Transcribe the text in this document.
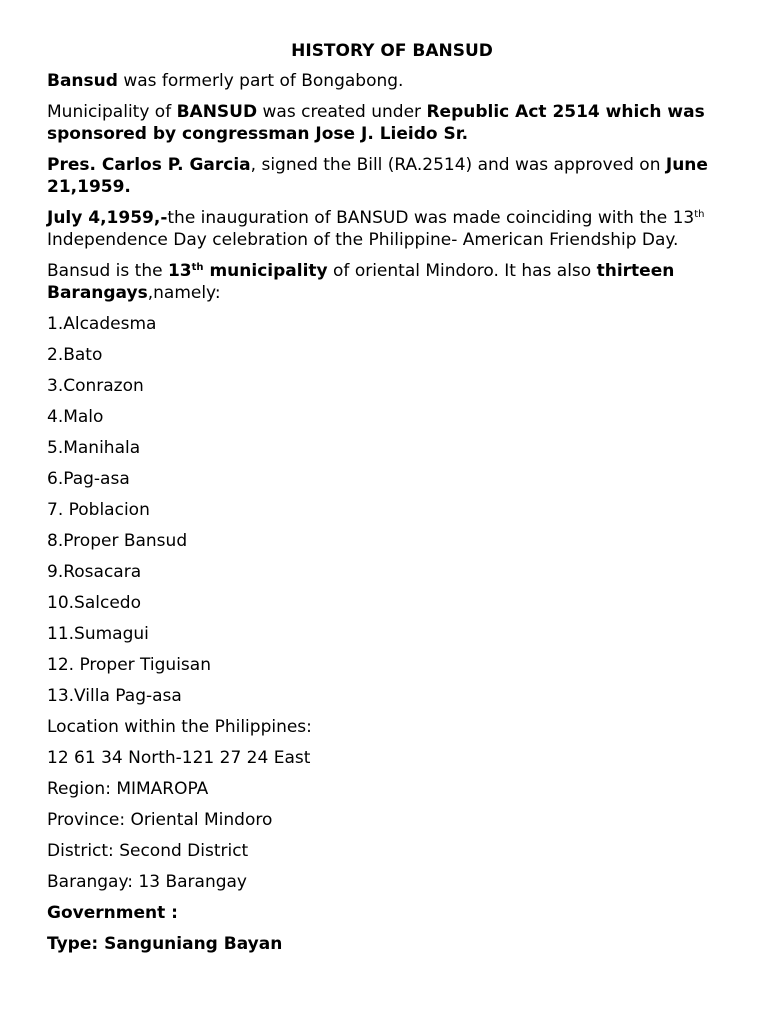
HISTORY OF BANSUD

Bansud was formerly part of Bongabong.

Municipality of BANSUD was created under Republic Act 2514 which was sponsored by congressman Jose J. Lieido Sr.

Pres. Carlos P. Garcia, signed the Bill (RA.2514) and was approved on June 21,1959.

July 4,1959,-the inauguration of BANSUD was made coinciding with the 13th Independence Day celebration of the Philippine- American Friendship Day.

Bansud is the 13th municipality of oriental Mindoro. It has also thirteen Barangays,namely:

1.Alcadesma
2.Bato
3.Conrazon
4.Malo
5.Manihala
6.Pag-asa
7. Poblacion
8.Proper Bansud
9.Rosacara
10.Salcedo
11.Sumagui
12. Proper Tiguisan
13.Villa Pag-asa
Location within the Philippines:
12 61 34 North-121 27 24 East
Region: MIMAROPA
Province: Oriental Mindoro
District: Second District
Barangay: 13 Barangay
Government :
Type: Sanguniang Bayan
